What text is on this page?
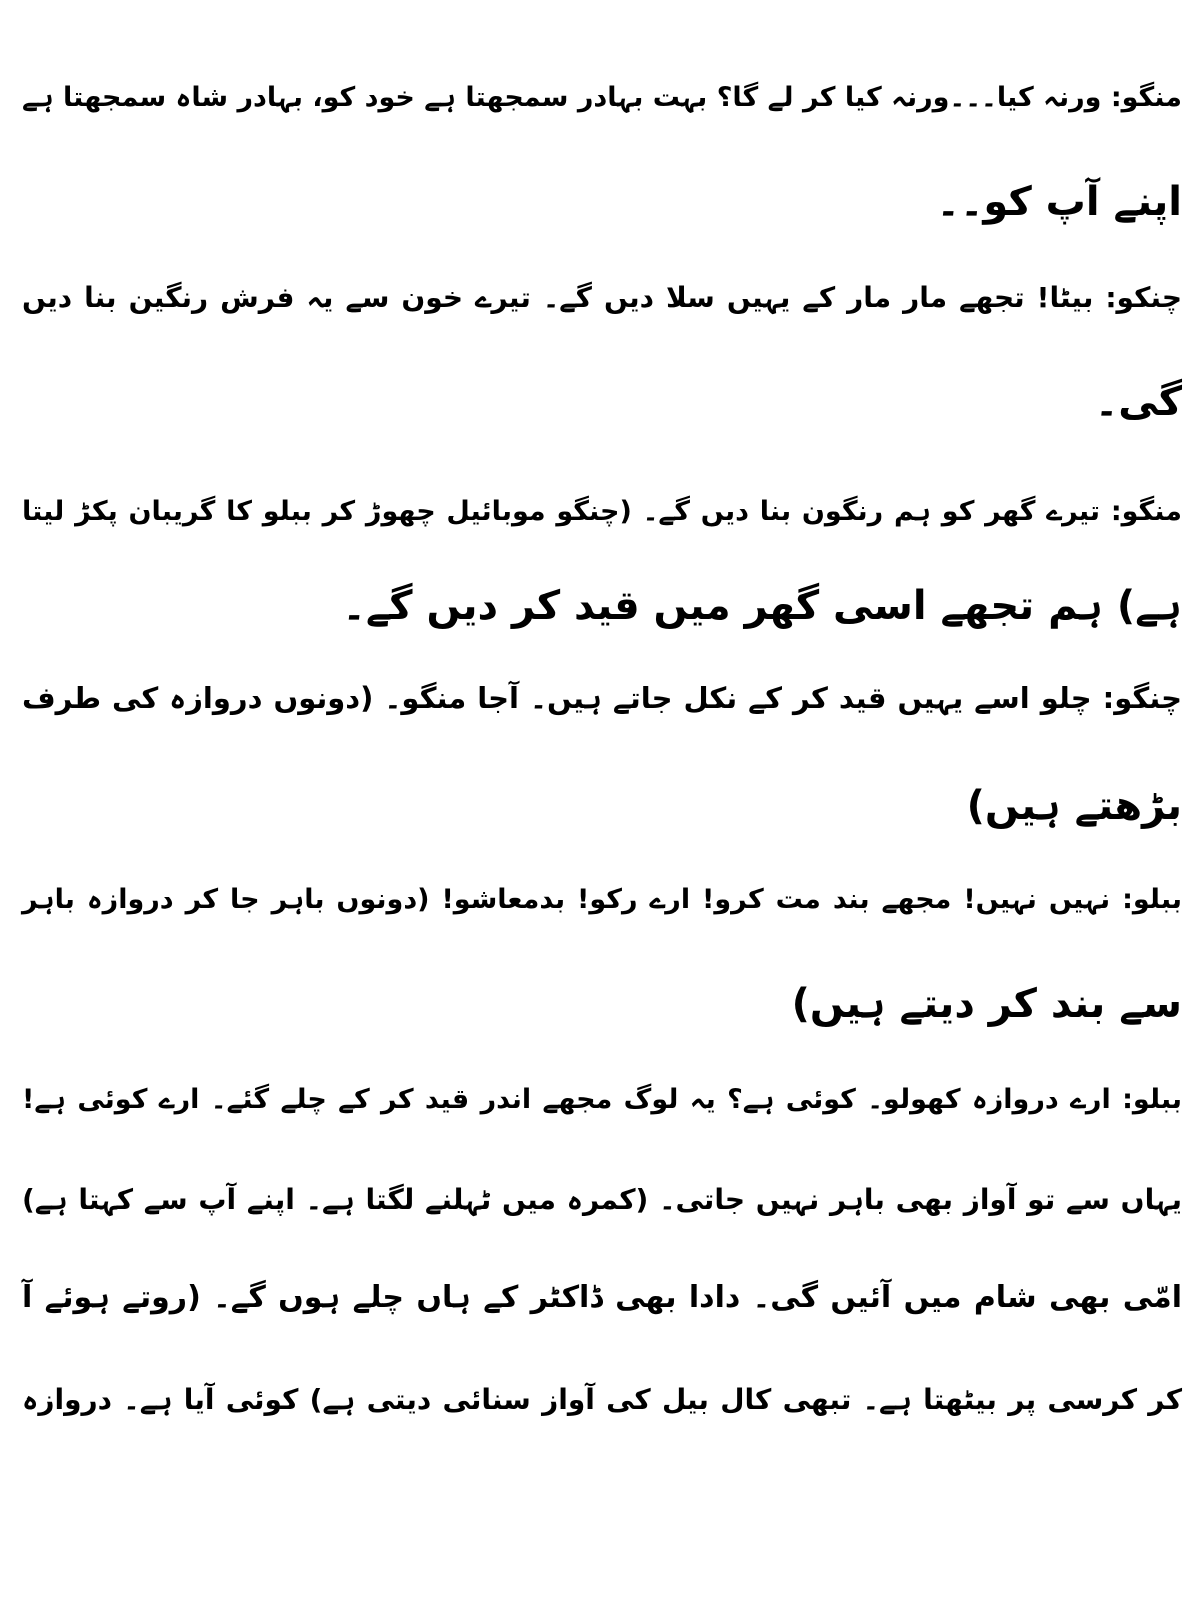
منگو: ورنہ کیا۔۔۔ورنہ کیا کر لے گا؟ بہت بہادر سمجھتا ہے خود کو، بہادر شاہ سمجھتا ہے
اپنے آپ کو۔۔
چنکو: بیٹا! تجھے مار مار کے یہیں سلا دیں گے۔ تیرے خون سے یہ فرش رنگین بنا دیں
گی۔
منگو: تیرے گھر کو ہم رنگون بنا دیں گے۔ (چنگو موبائیل چھوڑ کر ببلو کا گریبان پکڑ لیتا
ہے) ہم تجھے اسی گھر میں قید کر دیں گے۔
چنگو: چلو اسے یہیں قید کر کے نکل جاتے ہیں۔ آجا منگو۔ (دونوں دروازہ کی طرف
بڑھتے ہیں)
ببلو: نہیں نہیں! مجھے بند مت کرو! ارے رکو! بدمعاشو! (دونوں باہر جا کر دروازہ باہر
سے بند کر دیتے ہیں)
ببلو: ارے دروازہ کھولو۔ کوئی ہے؟ یہ لوگ مجھے اندر قید کر کے چلے گئے۔ ارے کوئی ہے!
یہاں سے تو آواز بھی باہر نہیں جاتی۔ (کمرہ میں ٹہلنے لگتا ہے۔ اپنے آپ سے کہتا ہے)
امّی بھی شام میں آئیں گی۔ دادا بھی ڈاکٹر کے ہاں چلے ہوں گے۔ (روتے ہوئے آ
کر کرسی پر بیٹھتا ہے۔ تبھی کال بیل کی آواز سنائی دیتی ہے) کوئی آیا ہے۔ دروازہ
